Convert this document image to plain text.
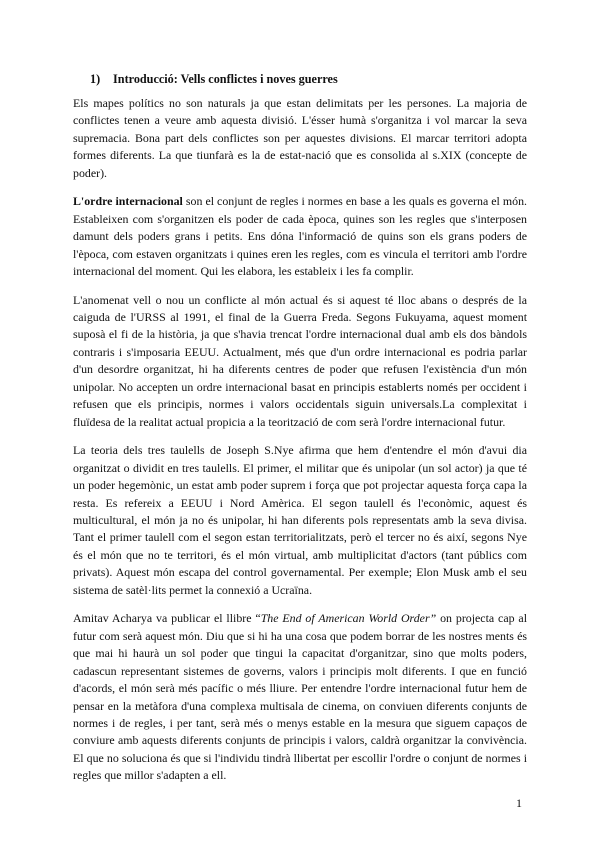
1) Introducció: Vells conflictes i noves guerres

Els mapes polítics no son naturals ja que estan delimitats per les persones. La majoria de conflictes tenen a veure amb aquesta divisió. L'ésser humà s'organitza i vol marcar la seva supremacia. Bona part dels conflictes son per aquestes divisions. El marcar territori adopta formes diferents. La que tiunfarà es la de estat-nació que es consolida al s.XIX (concepte de poder).

L'ordre internacional son el conjunt de regles i normes en base a les quals es governa el món. Estableixen com s'organitzen els poder de cada època, quines son les regles que s'interposen damunt dels poders grans i petits. Ens dóna l'informació de quins son els grans poders de l'època, com estaven organitzats i quines eren les regles, com es vincula el territori amb l'ordre internacional del moment. Qui les elabora, les estableix i les fa complir.

L'anomenat vell o nou un conflicte al món actual és si aquest té lloc abans o després de la caiguda de l'URSS al 1991, el final de la Guerra Freda. Segons Fukuyama, aquest moment suposà el fi de la història, ja que s'havia trencat l'ordre internacional dual amb els dos bàndols contraris i s'imposaria EEUU. Actualment, més que d'un ordre internacional es podria parlar d'un desordre organitzat, hi ha diferents centres de poder que refusen l'existència d'un món unipolar. No accepten un ordre internacional basat en principis establerts només per occident i refusen que els principis, normes i valors occidentals siguin universals.La complexitat i fluïdesa de la realitat actual propicia a la teorització de com serà l'ordre internacional futur.

La teoria dels tres taulells de Joseph S.Nye afirma que hem d'entendre el món d'avui dia organitzat o dividit en tres taulells. El primer, el militar que és unipolar (un sol actor) ja que té un poder hegemònic, un estat amb poder suprem i força que pot projectar aquesta força capa la resta. Es refereix a EEUU i Nord Amèrica. El segon taulell és l'econòmic, aquest és multicultural, el món ja no és unipolar, hi han diferents pols representats amb la seva divisa. Tant el primer taulell com el segon estan territorialitzats, però el tercer no és així, segons Nye és el món que no te territori, és el món virtual, amb multiplicitat d'actors (tant públics com privats). Aquest món escapa del control governamental. Per exemple; Elon Musk amb el seu sistema de satèl·lits permet la connexió a Ucraïna.

Amitav Acharya va publicar el llibre “The End of American World Order” on projecta cap al futur com serà aquest món. Diu que si hi ha una cosa que podem borrar de les nostres ments és que mai hi haurà un sol poder que tingui la capacitat d'organitzar, sino que molts poders, cadascun representant sistemes de governs, valors i principis molt diferents. I que en funció d'acords, el món serà més pacífic o més lliure. Per entendre l'ordre internacional futur hem de pensar en la metàfora d'una complexa multisala de cinema, on conviuen diferents conjunts de normes i de regles, i per tant, serà més o menys estable en la mesura que siguem capaços de conviure amb aquests diferents conjunts de principis i valors, caldrà organitzar la convivència. El que no soluciona és que si l'individu tindrà llibertat per escollir l'ordre o conjunt de normes i regles que millor s'adapten a ell.

1
